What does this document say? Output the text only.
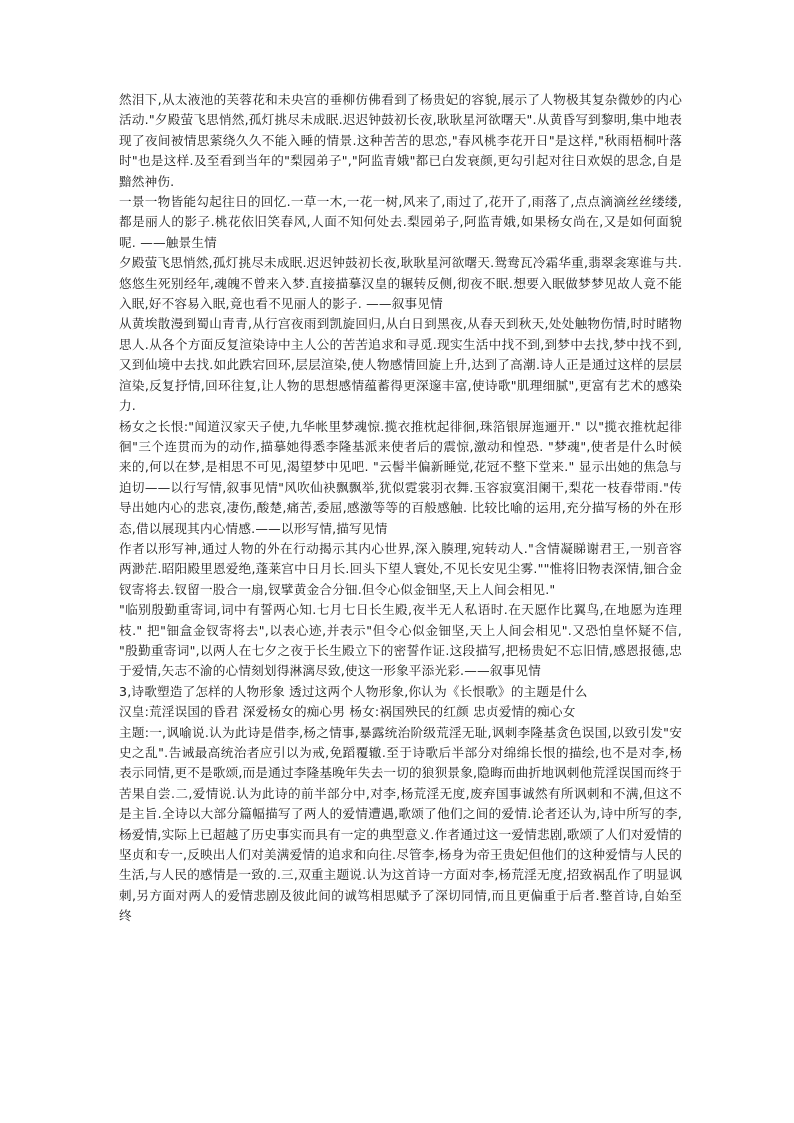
然泪下,从太液池的芙蓉花和未央宫的垂柳仿佛看到了杨贵妃的容貌,展示了人物极其复杂微妙的内心活动."夕殿萤飞思悄然,孤灯挑尽未成眠.迟迟钟鼓初长夜,耿耿星河欲曙天".从黄昏写到黎明,集中地表现了夜间被情思萦绕久久不能入睡的情景.这种苦苦的思恋,"春风桃李花开日"是这样,"秋雨梧桐叶落时"也是这样.及至看到当年的"梨园弟子","阿监青娥"都已白发衰颜,更勾引起对往日欢娱的思念,自是黯然神伤.

一景一物皆能勾起往日的回忆.一草一木,一花一树,风来了,雨过了,花开了,雨落了,点点滴滴丝丝缕缕,都是丽人的影子.桃花依旧笑春风,人面不知何处去.梨园弟子,阿监青娥,如果杨女尚在,又是如何面貌呢. ——触景生情

夕殿萤飞思悄然,孤灯挑尽未成眠.迟迟钟鼓初长夜,耿耿星河欲曙天.鸳鸯瓦冷霜华重,翡翠衾寒谁与共.悠悠生死别经年,魂魄不曾来入梦.直接描摹汉皇的辗转反侧,彻夜不眠.想要入眠做梦梦见故人竟不能入眠,好不容易入眠,竟也看不见丽人的影子. ——叙事见情

从黄埃散漫到蜀山青青,从行宫夜雨到凯旋回归,从白日到黑夜,从春天到秋天,处处触物伤情,时时睹物思人.从各个方面反复渲染诗中主人公的苦苦追求和寻觅.现实生活中找不到,到梦中去找,梦中找不到,又到仙境中去找.如此跌宕回环,层层渲染,使人物感情回旋上升,达到了高潮.诗人正是通过这样的层层渲染,反复抒情,回环往复,让人物的思想感情蕴蓄得更深邃丰富,使诗歌"肌理细腻",更富有艺术的感染力.

杨女之长恨:"闻道汉家天子使,九华帐里梦魂惊.揽衣推枕起徘徊,珠箔银屏迤逦开." 以"揽衣推枕起徘徊"三个连贯而为的动作,描摹她得悉李隆基派来使者后的震惊,激动和惶恐. "梦魂",使者是什么时候来的,何以在梦,是相思不可见,渴望梦中见吧. "云髻半偏新睡觉,花冠不整下堂来." 显示出她的焦急与迫切——以行写情,叙事见情"风吹仙袂飘飘举,犹似霓裳羽衣舞.玉容寂寞泪阑干,梨花一枝春带雨."传导出她内心的悲哀,凄伤,酸楚,痛苦,委屈,感激等等的百般感触. 比较比喻的运用,充分描写杨的外在形态,借以展现其内心情感.——以形写情,描写见情

作者以形写神,通过人物的外在行动揭示其内心世界,深入腠理,宛转动人."含情凝睇谢君王,一别音容两渺茫.昭阳殿里恩爱绝,蓬莱宫中日月长.回头下望人寰处,不见长安见尘雾.""惟将旧物表深情,钿合金钗寄将去.钗留一股合一扇,钗擘黄金合分钿.但令心似金钿坚,天上人间会相见."

"临别殷勤重寄词,词中有誓两心知.七月七日长生殿,夜半无人私语时.在天愿作比翼鸟,在地愿为连理枝." 把"钿盒金钗寄将去",以表心迹,并表示"但令心似金钿坚,天上人间会相见".又恐怕皇怀疑不信, "殷勤重寄词",以两人在七夕之夜于长生殿立下的密誓作证.这段描写,把杨贵妃不忘旧情,感恩报德,忠于爱情,矢志不渝的心情刻划得淋漓尽致,使这一形象平添光彩.——叙事见情

3,诗歌塑造了怎样的人物形象 透过这两个人物形象,你认为《长恨歌》的主题是什么

汉皇:荒淫误国的昏君 深爱杨女的痴心男 杨女:祸国殃民的红颜 忠贞爱情的痴心女

主题:一,讽喻说.认为此诗是借李,杨之情事,暴露统治阶级荒淫无耻,讽刺李隆基贪色误国,以致引发"安史之乱".告诫最高统治者应引以为戒,免蹈覆辙.至于诗歌后半部分对绵绵长恨的描绘,也不是对李,杨表示同情,更不是歌颂,而是通过李隆基晚年失去一切的狼狈景象,隐晦而曲折地讽刺他荒淫误国而终于苦果自尝.二,爱情说.认为此诗的前半部分中,对李,杨荒淫无度,废弃国事诚然有所讽刺和不满,但这不是主旨.全诗以大部分篇幅描写了两人的爱情遭遇,歌颂了他们之间的爱情.论者还认为,诗中所写的李,杨爱情,实际上已超越了历史事实而具有一定的典型意义.作者通过这一爱情悲剧,歌颂了人们对爱情的坚贞和专一,反映出人们对美满爱情的追求和向往.尽管李,杨身为帝王贵妃但他们的这种爱情与人民的生活,与人民的感情是一致的.三,双重主题说.认为这首诗一方面对李,杨荒淫无度,招致祸乱作了明显讽刺,另方面对两人的爱情悲剧及彼此间的诚笃相思赋予了深切同情,而且更偏重于后者.整首诗,自始至终
